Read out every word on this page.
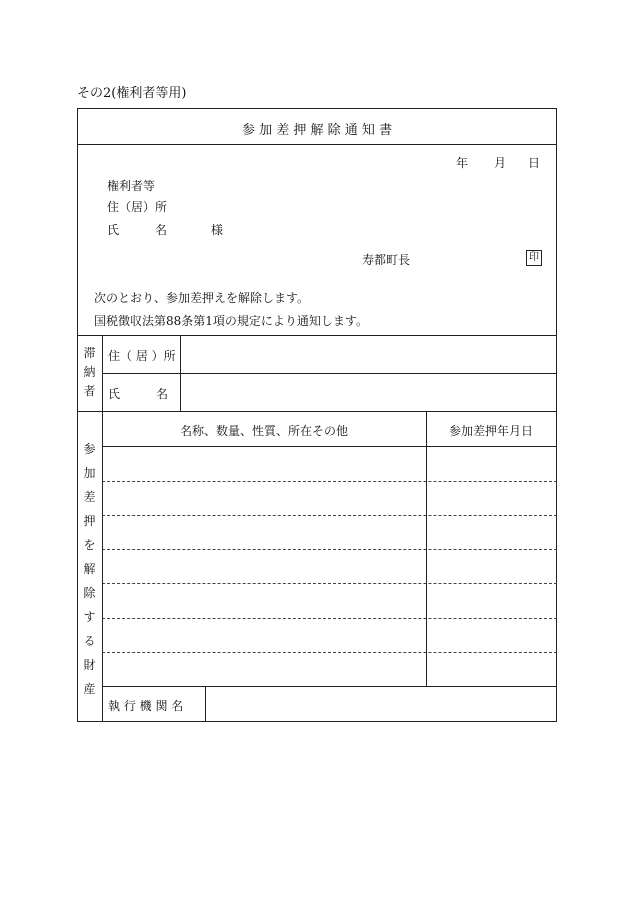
その2(権利者等用)
参 加 差 押 解 除 通 知 書
年 月 日
権利者等
住（居）所
氏　　　名	様
寿都町長	印
次のとおり、参加差押えを解除します。
国税徴収法第88条第1項の規定により通知します。
滞
納
者
住（ 居 ）所
氏　　　名
参
加
差
押
を
解
除
す
る
財
産
名称、数量、性質、所在その他	参加差押年月日
執 行 機 関 名
